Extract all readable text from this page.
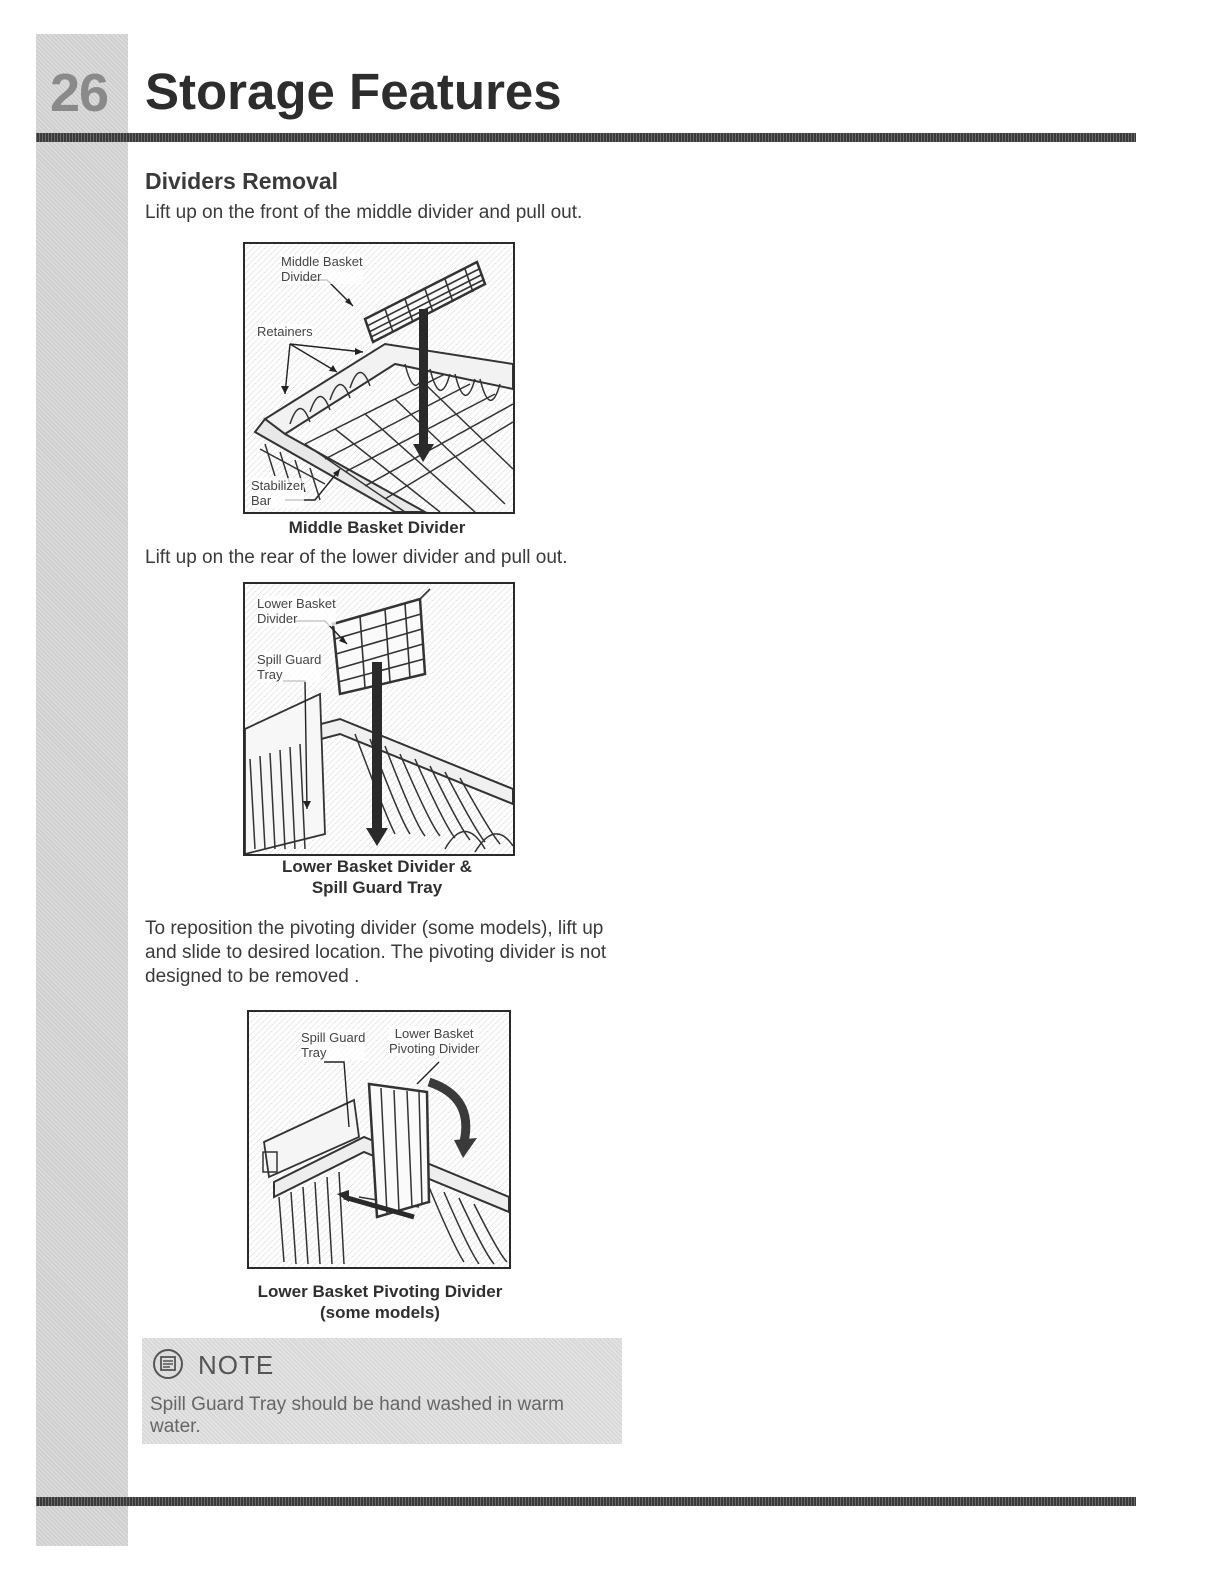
26 Storage Features
Dividers Removal
Lift up on the front of the middle divider and pull out.
Middle Basket
Divider
Retainers
Stabilizer
Bar
Middle Basket Divider
Lift up on the rear of the lower divider and pull out.
Lower Basket
Divider
Spill Guard
Tray
Lower Basket Divider &
Spill Guard Tray
To reposition the pivoting divider (some models), lift up and slide to desired location. The pivoting divider is not designed to be removed .
Spill Guard
Tray
Lower Basket
Pivoting Divider
Lower Basket Pivoting Divider
(some models)
NOTE
Spill Guard Tray should be hand washed in warm water.
